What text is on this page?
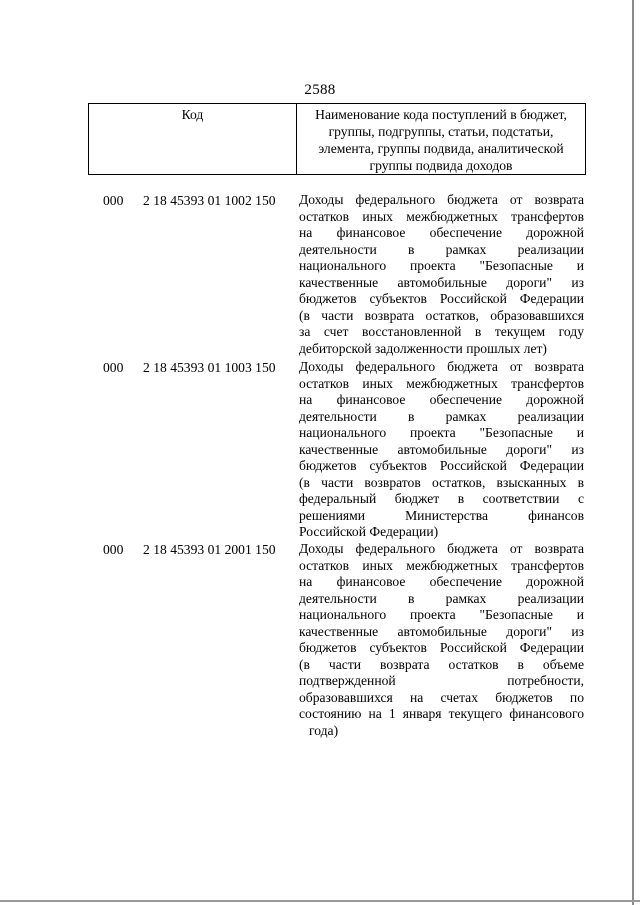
2588
Код	Наименование кода поступлений в бюджет,
группы, подгруппы, статьи, подстатьи,
элемента, группы подвида, аналитической
группы подвида доходов
000 2 18 45393 01 1002 150 Доходы федерального бюджета от возврата
остатков иных межбюджетных трансфертов
на финансовое обеспечение дорожной
деятельности в рамках реализации
национального проекта "Безопасные и
качественные автомобильные дороги" из
бюджетов субъектов Российской Федерации
(в части возврата остатков, образовавшихся
за счет восстановленной в текущем году
дебиторской задолженности прошлых лет)
000 2 18 45393 01 1003 150 Доходы федерального бюджета от возврата
остатков иных межбюджетных трансфертов
на финансовое обеспечение дорожной
деятельности в рамках реализации
национального проекта "Безопасные и
качественные автомобильные дороги" из
бюджетов субъектов Российской Федерации
(в части возвратов остатков, взысканных в
федеральный бюджет в соответствии с
решениями Министерства финансов
Российской Федерации)
000 2 18 45393 01 2001 150 Доходы федерального бюджета от возврата
остатков иных межбюджетных трансфертов
на финансовое обеспечение дорожной
деятельности в рамках реализации
национального проекта "Безопасные и
качественные автомобильные дороги" из
бюджетов субъектов Российской Федерации
(в части возврата остатков в объеме
подтвержденной потребности,
образовавшихся на счетах бюджетов по
состоянию на 1 января текущего финансового
года)
